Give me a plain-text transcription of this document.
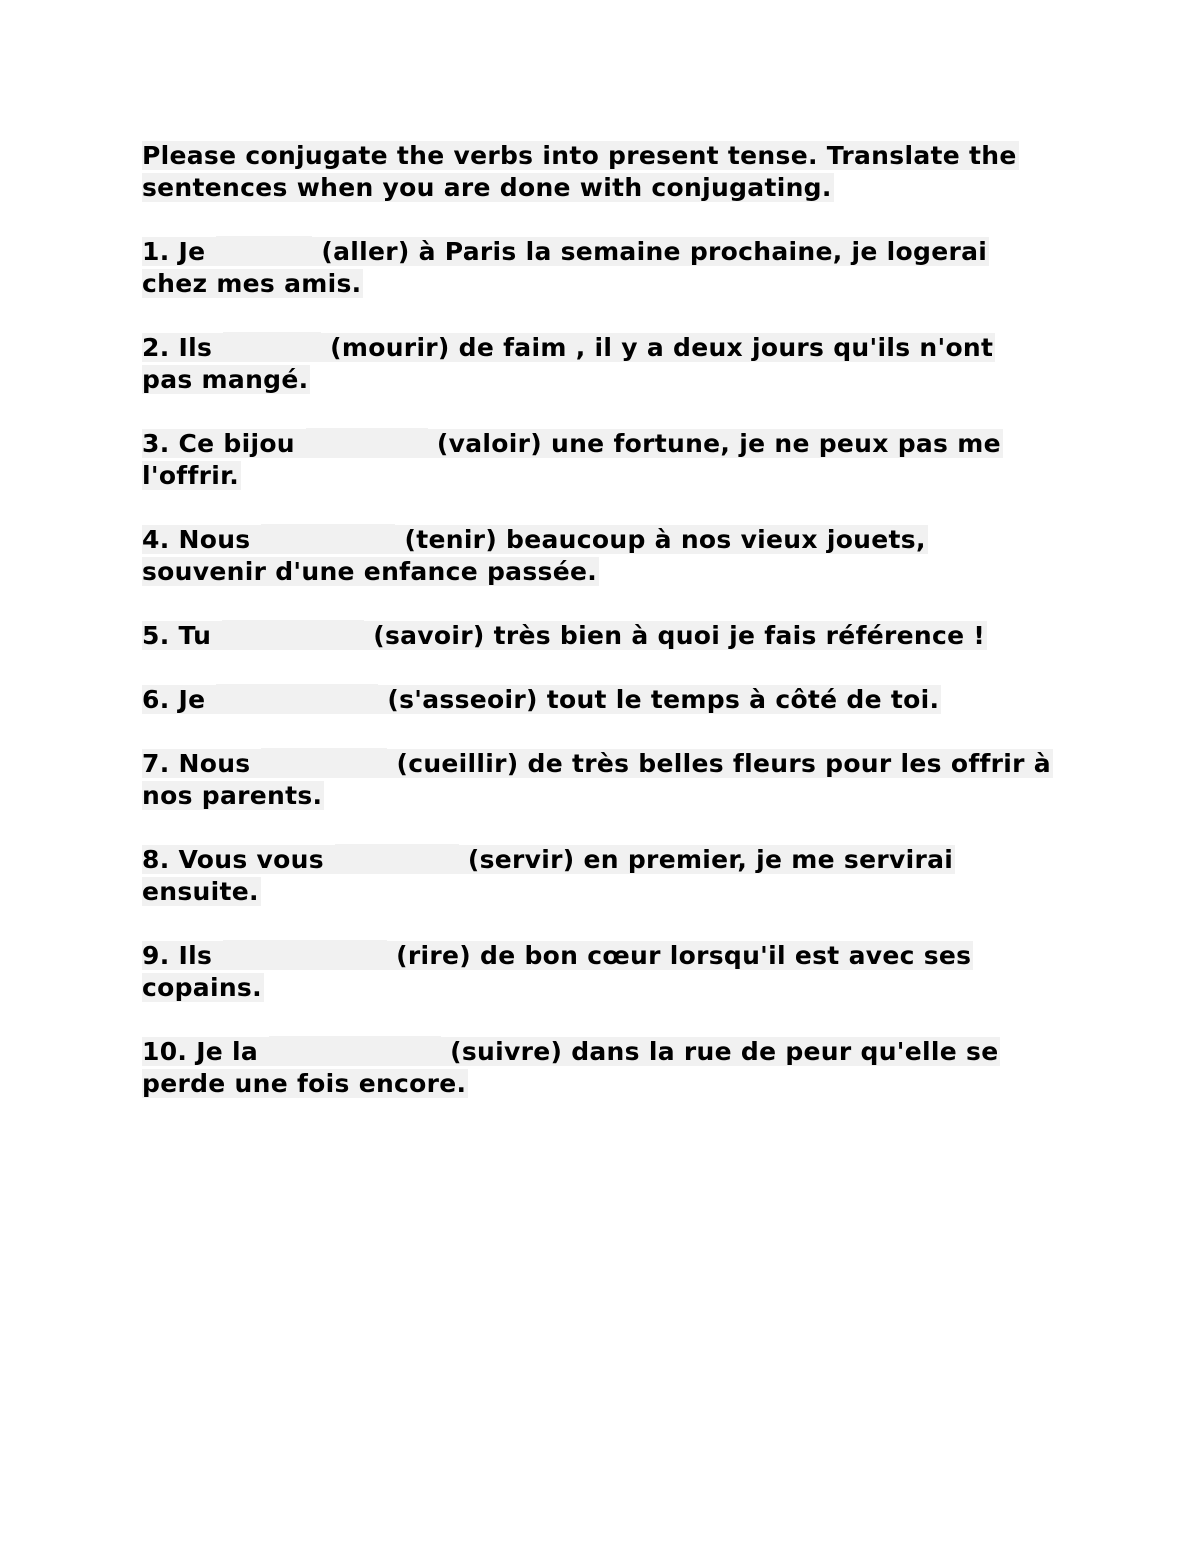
Please conjugate the verbs into present tense. Translate the
sentences when you are done with conjugating.
1. Je	(aller) à Paris la semaine prochaine, je logerai
chez mes amis.
2. Ils	(mourir) de faim , il y a deux jours qu'ils n'ont
pas mangé.
3. Ce bijou	(valoir) une fortune, je ne peux pas me
l'offrir.
4. Nous	(tenir) beaucoup à nos vieux jouets,
souvenir d'une enfance passée.
5. Tu	(savoir) très bien à quoi je fais référence !
6. Je	(s'asseoir) tout le temps à côté de toi.
7. Nous	(cueillir) de très belles fleurs pour les offrir à
nos parents.
8. Vous vous	(servir) en premier, je me servirai
ensuite.
9. Ils	(rire) de bon cœur lorsqu'il est avec ses
copains.
10. Je la	(suivre) dans la rue de peur qu'elle se
perde une fois encore.
